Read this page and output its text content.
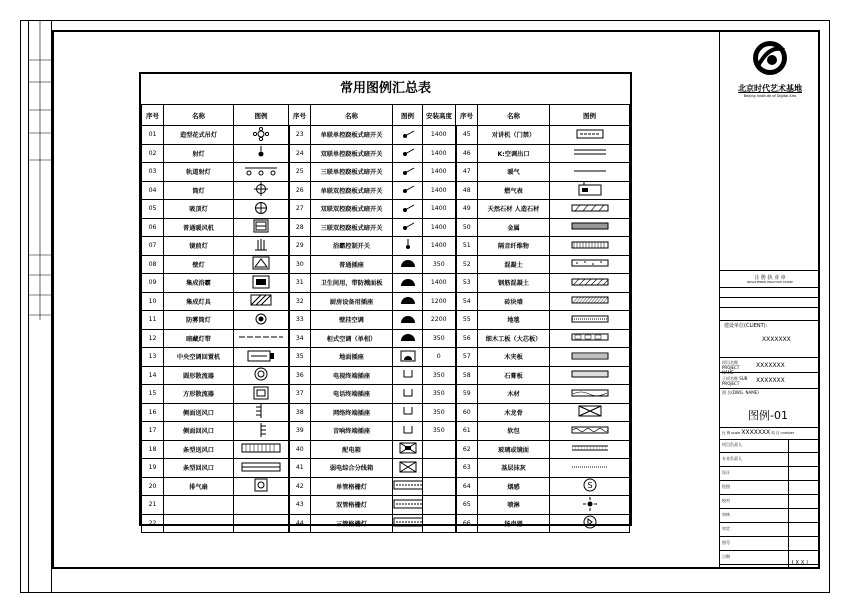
常用图例汇总表
序号	名称	图例	序号	名称	图例	安装高度	序号	名称	图例
01	造型花式吊灯		23	单联单控跷板式暗开关		1400	45	对讲机（门禁）	
02	射灯		24	双联单控跷板式暗开关		1400	46	K:空调出口	
03	轨道射灯		25	三联单控跷板式暗开关		1400	47	暖气	
04	筒灯		26	单联双控跷板式暗开关		1400	48	燃气表	
05	吸顶灯		27	双联双控跷板式暗开关		1400	49	天然石材 人造石材	
06	普通暖风机		28	三联双控跷板式暗开关		1400	50	金属	
07	镜前灯		29	浴霸控制开关		1400	51	隔音纤维物	
08	壁灯		30	普通插座		350	52	混凝土	
09	集成浴霸		31	卫生间用，带防溅面板		1400	53	钢筋混凝土	
10	集成灯具		32	厨房设备用插座		1200	54	砖块墙	
11	防雾筒灯		33	壁挂空调		2200	55	地毯	
12	暗藏灯带		34	柜式空调（单相）		350	56	细木工板（大芯板）	
13	中央空调回置机		35	地面插座		0	57	木夹板	
14	圆形散流器		36	电视终端插座		350	58	石膏板	
15	方形散流器		37	电话终端插座		350	59	木材	
16	侧面送风口		38	网络终端插座		350	60	木龙骨	
17	侧面回风口		39	音响终端插座		350	61	软包	
18	条型送风口		40	配电箱			62	玻璃或镜面	
19	条型回风口		41	弱电综合分线箱			63	基层抹灰	
20	排气扇		42	单管格栅灯			64	烟感	S

21			43	双管格栅灯			65	喷淋	
22			44	三管格栅灯			66	扬声器	
北京时代艺术基地
Beijing Institute of Digital Arts
注 册 执 业 章
REGISTERED PRACTICE STAMP
建设单位(CLIENT):
XXXXXXX
项目名称 PROJECT NAME
XXXXXXX
子项名称 SUB PROJECT	XXXXXXX
图 名(DWG. NAME)
图例-01
比 例 scale XXXXXXX 项 目 number
项目负责人
专业负责人
设计
绘图
校对
审核
审定
图号
日期
I X X I
